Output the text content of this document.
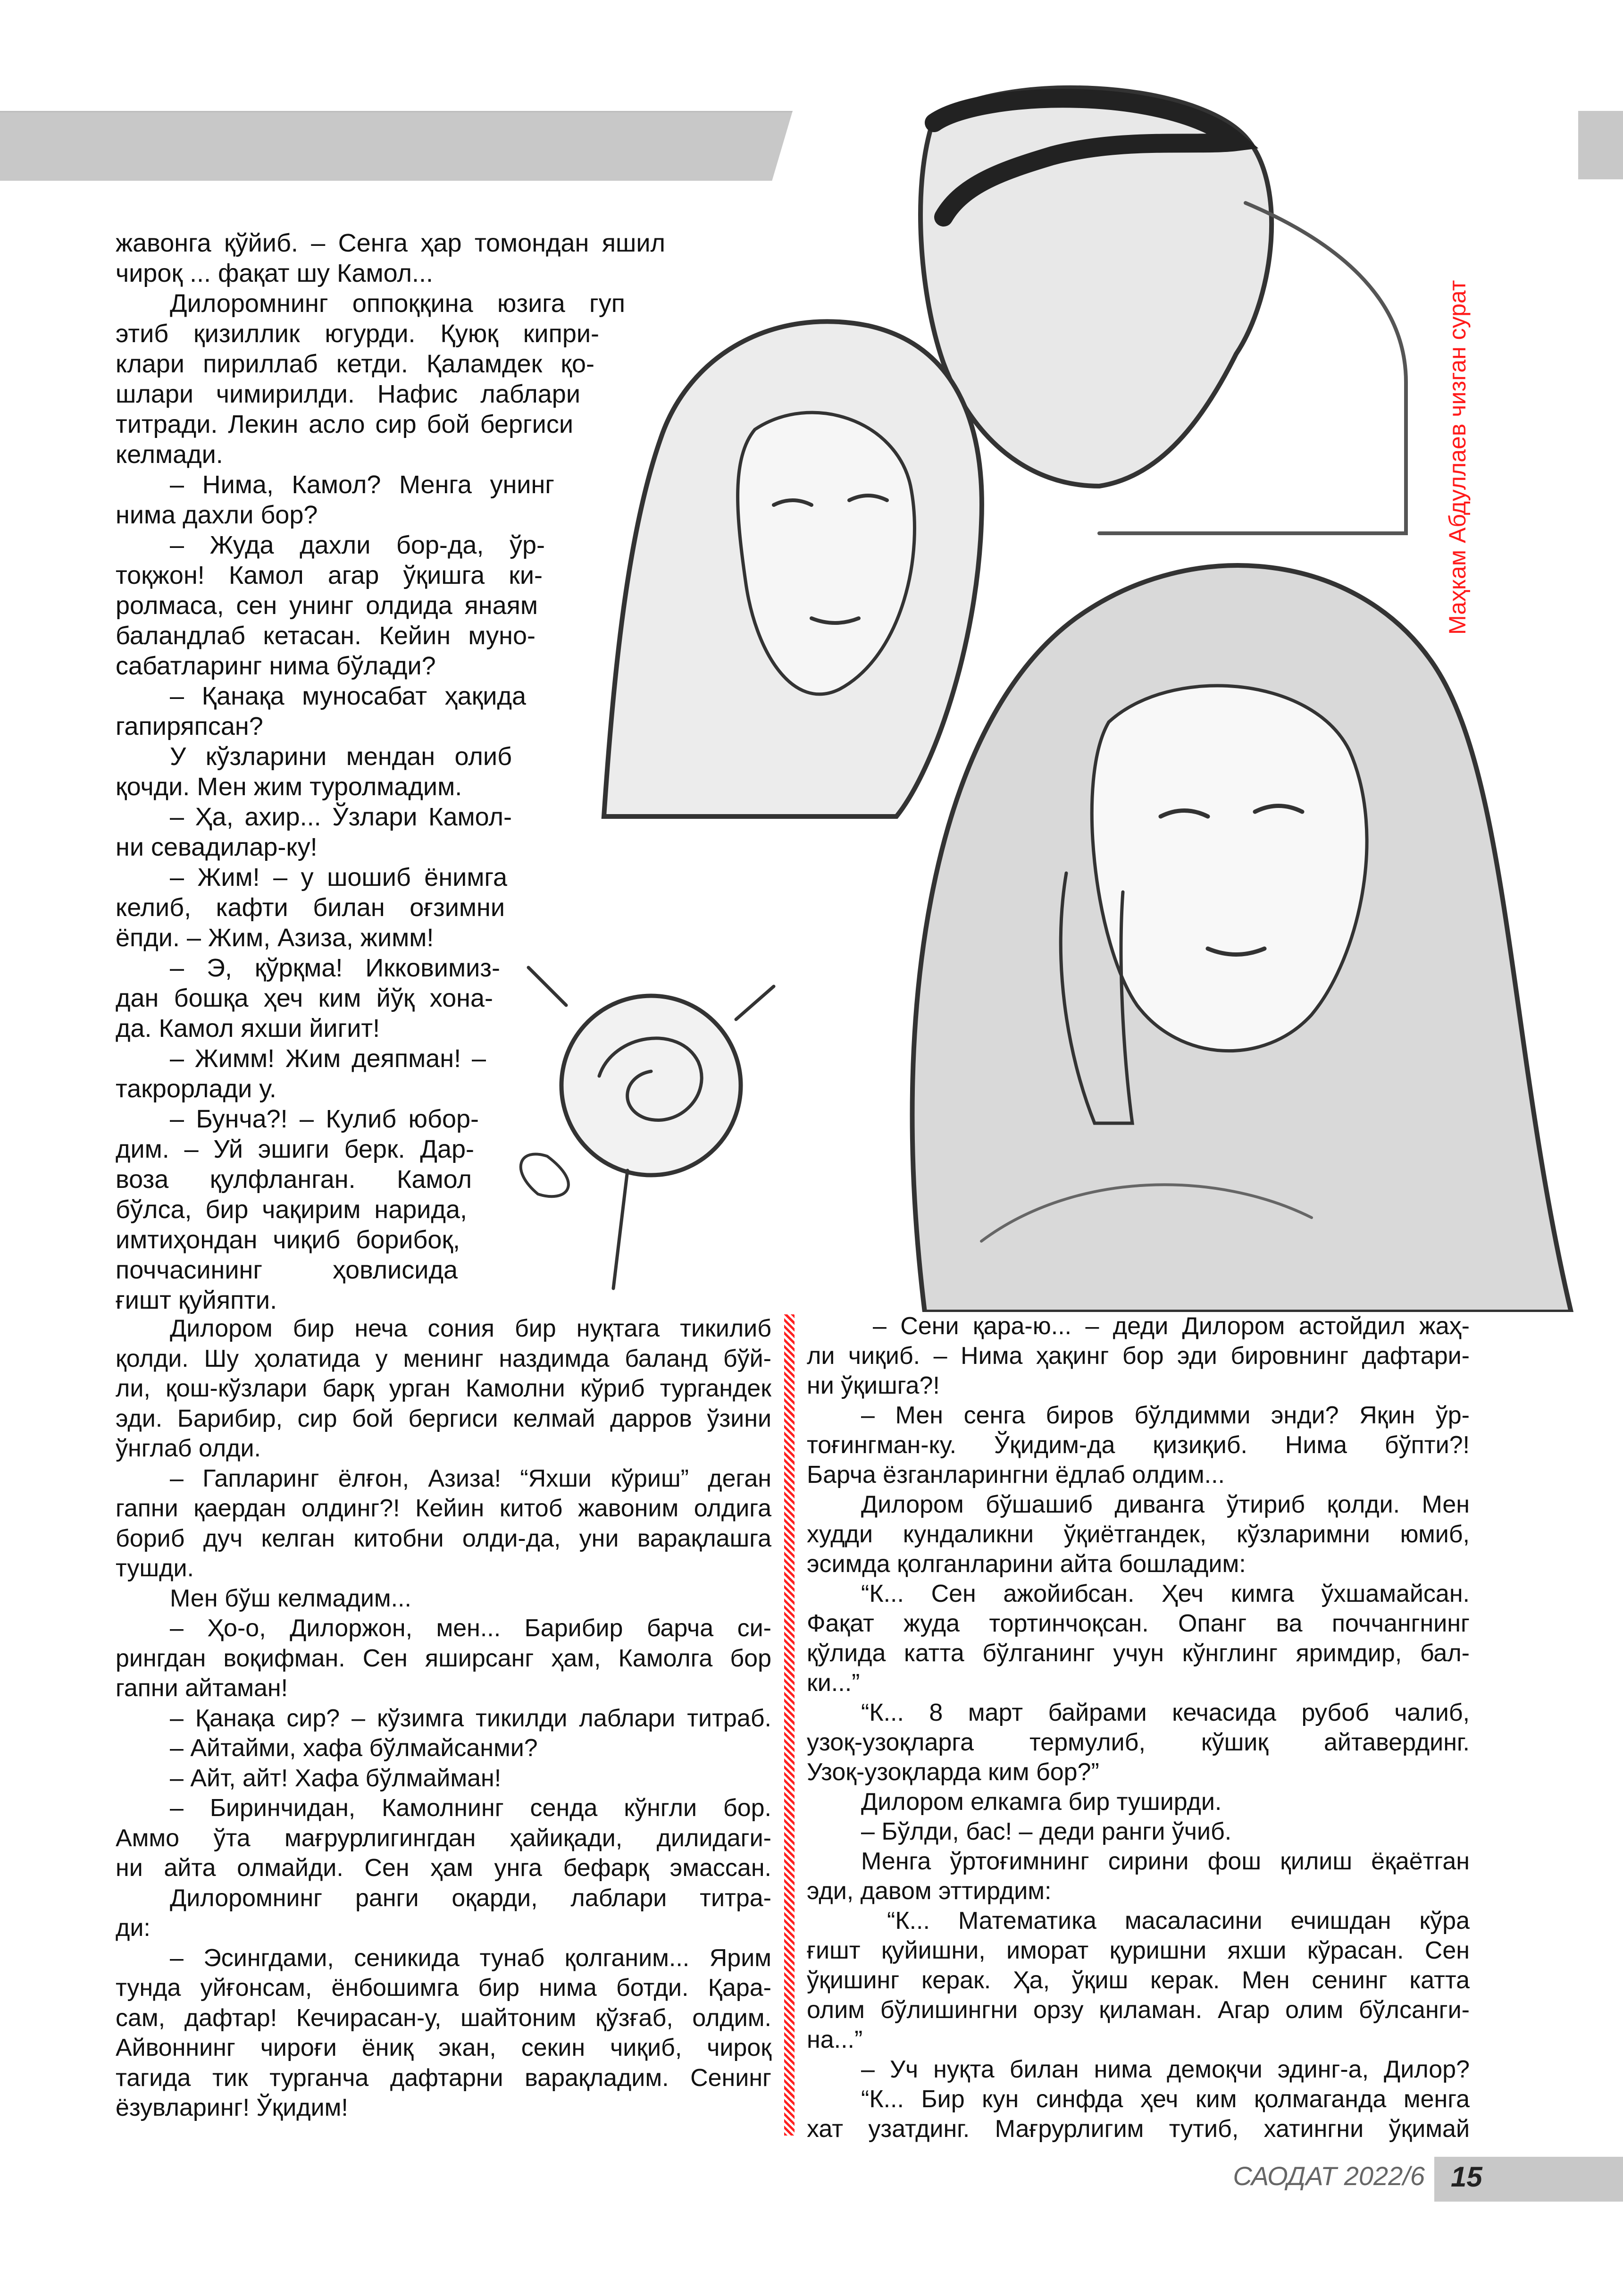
Маҳкам Абдуллаев чизган сурат
жавонга қўйиб. – Сенга ҳар томондан яшил
чироқ ... фақат шу Камол...
Дилоромнинг оппоққина юзига гуп
этиб қизиллик югурди. Қуюқ кипри-
клари пириллаб кетди. Қаламдек қо-
шлари чимирилди. Нафис лаблари
титради. Лекин асло сир бой бергиси
келмади.
– Нима, Камол? Менга унинг
нима дахли бор?
– Жуда дахли бор-да, ўр-
тоқжон! Камол агар ўқишга ки-
ролмаса, сен унинг олдида янаям
баландлаб кетасан. Кейин муно-
сабатларинг нима бўлади?
– Қанақа муносабат ҳақида
гапиряпсан?
У кўзларини мендан олиб
қочди. Мен жим туролмадим.
– Ҳа, ахир... Ўзлари Камол-
ни севадилар-ку!
– Жим! – у шошиб ёнимга
келиб, кафти билан оғзимни
ёпди. – Жим, Азиза, жимм!
– Э, қўрқма! Икковимиз-
дан бошқа ҳеч ким йўқ хона-
да. Камол яхши йигит!
– Жимм! Жим деяпман! –
такрорлади у.
– Бунча?! – Кулиб юбор-
дим. – Уй эшиги берк. Дар-
воза қулфланган. Камол
бўлса, бир чақирим нарида,
имтиҳондан чиқиб борибоқ,
поччасининг ҳовлисида
ғишт қуйяпти.
Дилором бир неча сония бир нуқтага тикилиб
қолди. Шу ҳолатида у менинг наздимда баланд бўй-
ли, қош-кўзлари барқ урган Камолни кўриб тургандек
эди. Барибир, сир бой бергиси келмай дарров ўзини
ўнглаб олди.
– Гапларинг ёлғон, Азиза! “Яхши кўриш” деган
гапни қаердан олдинг?! Кейин китоб жавоним олдига
бориб дуч келган китобни олди-да, уни варақлашга
тушди.
Мен бўш келмадим...
– Ҳо-о, Дилоржон, мен... Барибир барча си-
рингдан воқифман. Сен яширсанг ҳам, Камолга бор
гапни айтаман!
– Қанақа сир? – кўзимга тикилди лаблари титраб.
– Айтайми, хафа бўлмайсанми?
– Айт, айт! Хафа бўлмайман!
– Биринчидан, Камолнинг сенда кўнгли бор.
Аммо ўта мағрурлигингдан ҳайиқади, дилидаги-
ни айта олмайди. Сен ҳам унга бефарқ эмассан.
Дилоромнинг ранги оқарди, лаблари титра-
ди:
– Эсингдами, сеникида тунаб қолганим... Ярим
тунда уйғонсам, ёнбошимга бир нима ботди. Қара-
сам, дафтар! Кечирасан-у, шайтоним қўзғаб, олдим.
Айвоннинг чироғи ёниқ экан, секин чиқиб, чироқ
тагида тик турганча дафтарни варақладим. Сенинг
ёзувларинг! Ўқидим!
– Сени қара-ю... – деди Дилором астойдил жаҳ-
ли чиқиб. – Нима ҳақинг бор эди бировнинг дафтари-
ни ўқишга?!
– Мен сенга биров бўлдимми энди? Яқин ўр-
тоғингман-ку. Ўқидим-да қизиқиб. Нима бўпти?!
Барча ёзганларингни ёдлаб олдим...
Дилором бўшашиб диванга ўтириб қолди. Мен
худди кундаликни ўқиётгандек, кўзларимни юмиб,
эсимда қолганларини айта бошладим:
“К... Сен ажойибсан. Ҳеч кимга ўхшамайсан.
Фақат жуда тортинчоқсан. Опанг ва поччангнинг
қўлида катта бўлганинг учун кўнглинг яримдир, бал-
ки...”
“К... 8 март байрами кечасида рубоб чалиб,
узоқ-узоқларга термулиб, кўшиқ айтавердинг.
Узоқ-узоқларда ким бор?”
Дилором елкамга бир туширди.
– Бўлди, бас! – деди ранги ўчиб.
Менга ўртоғимнинг сирини фош қилиш ёқаётган
эди, давом эттирдим:
“К... Математика масаласини ечишдан кўра
ғишт қуйишни, иморат қуришни яхши кўрасан. Сен
ўқишинг керак. Ҳа, ўқиш керак. Мен сенинг катта
олим бўлишингни орзу қиламан. Агар олим бўлсанги-
на...”
– Уч нуқта билан нима демоқчи эдинг-а, Дилор?
“К... Бир кун синфда ҳеч ким қолмаганда менга
хат узатдинг. Мағрурлигим тутиб, хатингни ўқимай
САОДАТ 2022/6 15
